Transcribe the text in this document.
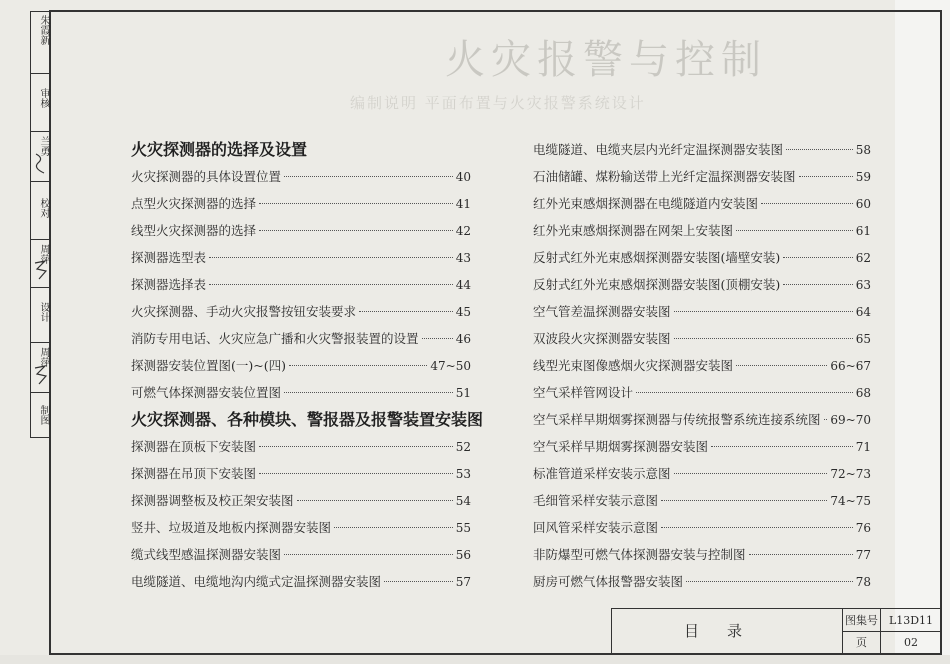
火灾报警与控制
编制说明 平面布置与火灾报警系统设计
朱霞新
审核
兰勇
校对
周萍
设计
周萍
制图
火灾探测器的选择及设置
火灾探测器的具体设置位置	40
点型火灾探测器的选择	41
线型火灾探测器的选择	42
探测器选型表	43
探测器选择表	44
火灾探测器、手动火灾报警按钮安装要求	45
消防专用电话、火灾应急广播和火灾警报装置的设置	46
探测器安装位置图(一)~(四)	47~50
可燃气体探测器安装位置图	51
火灾探测器、各种模块、警报器及报警装置安装图
探测器在顶板下安装图	52
探测器在吊顶下安装图	53
探测器调整板及校正架安装图	54
竖井、垃圾道及地板内探测器安装图	55
缆式线型感温探测器安装图	56
电缆隧道、电缆地沟内缆式定温探测器安装图	57
电缆隧道、电缆夹层内光纤定温探测器安装图	58
石油储罐、煤粉输送带上光纤定温探测器安装图	59
红外光束感烟探测器在电缆隧道内安装图	60
红外光束感烟探测器在网架上安装图	61
反射式红外光束感烟探测器安装图(墙壁安装)	62
反射式红外光束感烟探测器安装图(顶棚安装)	63
空气管差温探测器安装图	64
双波段火灾探测器安装图	65
线型光束图像感烟火灾探测器安装图	66~67
空气采样管网设计	68
空气采样早期烟雾探测器与传统报警系统连接系统图 69~70
空气采样早期烟雾探测器安装图	71
标准管道采样安装示意图	72~73
毛细管采样安装示意图	74~75
回风管采样安装示意图	76
非防爆型可燃气体探测器安装与控制图	77
厨房可燃气体报警器安装图	78
目录
图集号 L13D11
页	02
